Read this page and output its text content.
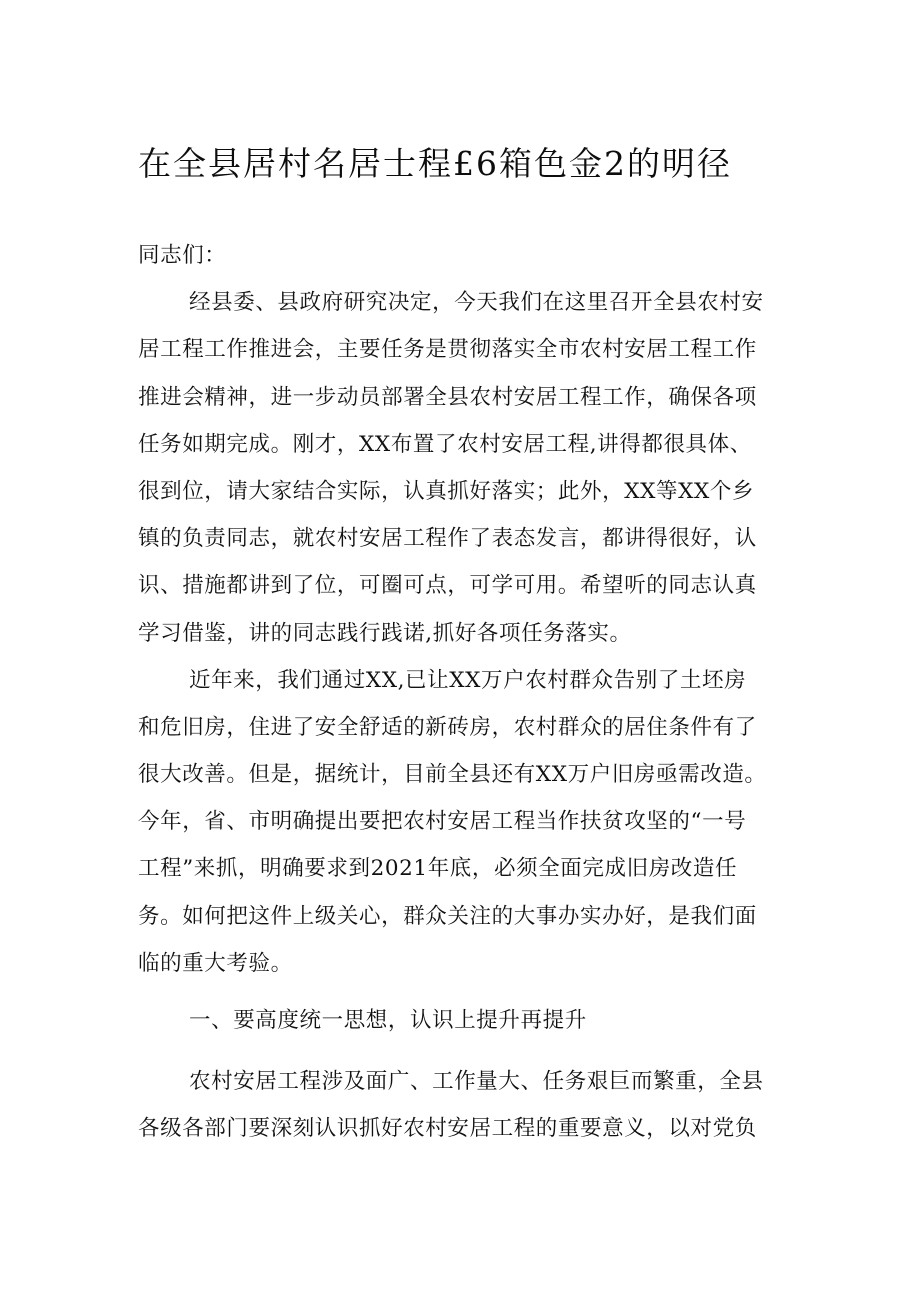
在全县居村名居士程£6箱色金2的明径
同志们：
经县委、县政府研究决定，今天我们在这里召开全县农村安
居工程工作推进会，主要任务是贯彻落实全市农村安居工程工作
推进会精神，进一步动员部署全县农村安居工程工作，确保各项
任务如期完成。刚才，XX布置了农村安居工程,讲得都很具体、
很到位，请大家结合实际，认真抓好落实；此外，XX等XX个乡
镇的负责同志，就农村安居工程作了表态发言，都讲得很好，认
识、措施都讲到了位，可圈可点，可学可用。希望听的同志认真
学习借鉴，讲的同志践行践诺,抓好各项任务落实。
近年来，我们通过XX,已让XX万户农村群众告别了土坯房
和危旧房，住进了安全舒适的新砖房，农村群众的居住条件有了
很大改善。但是，据统计，目前全县还有XX万户旧房亟需改造。
今年，省、市明确提出要把农村安居工程当作扶贫攻坚的“一号
工程”来抓，明确要求到2021年底，必须全面完成旧房改造任
务。如何把这件上级关心，群众关注的大事办实办好，是我们面
临的重大考验。
一、要高度统一思想，认识上提升再提升
农村安居工程涉及面广、工作量大、任务艰巨而繁重，全县
各级各部门要深刻认识抓好农村安居工程的重要意义，以对党负
